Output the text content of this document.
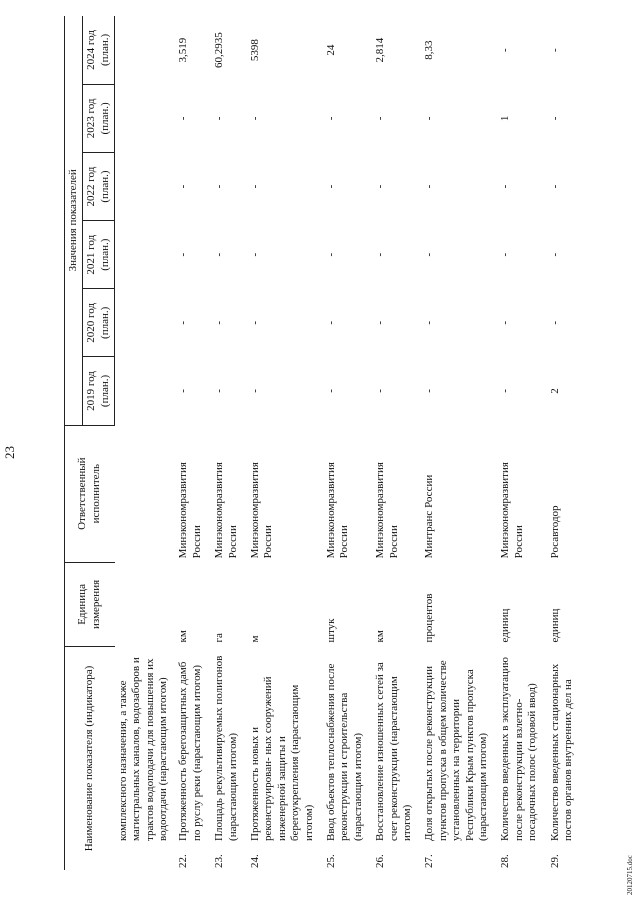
23
Наименование показателя (индикатора)		Единица измерения	Ответственный исполнитель	Значения показателей					
				2019 год (план.)	2020 год (план.)	2021 год (план.)	2022 год (план.)	2023 год (план.)	2024 год (план.)
	комплексного назначения, а также магистральных каналов, водозаборов и трактов водоподачи для повышения их водоотдачи (нарастающим итогом)								
22.	Протяженность берегозащитных дамб по руслу реки (нарастающим итогом)	км	Минэкономразвития России	-	-	-	-	-	3,519
23.	Площадь рекультивируемых полигонов (нарастающим итогом)	га	Минэкономразвития России	-	-	-	-	-	60,2935
24.	Протяженность новых и реконструирован- ных сооружений инженерной защиты и берегоукрепления (нарастающим итогом)	м	Минэкономразвития России	-	-	-	-	-	5398
25.	Ввод объектов теплоснабжения после реконструкции и строительства (нарастающим итогом)	штук	Минэкономразвития России	-	-	-	-	-	24
26.	Восстановление изношенных сетей за счет реконструкции (нарастающим итогом)	км	Минэкономразвития России	-	-	-	-	-	2,814
27.	Доля открытых после реконструкции пунктов пропуска в общем количестве установленных на территории Республики Крым пунктов пропуска (нарастающим итогом)	процентов	Минтранс России	-	-	-	-	-	8,33
28.	Количество введенных в эксплуатацию после реконструкции взлетно-посадочных полос (годовой ввод)	единиц	Минэкономразвития России	-	-	-	-	1	-
29.	Количество введенных стационарных постов органов внутренних дел на	единиц	Росавтодор	2	-	-	-	-	-
20120715.doc
